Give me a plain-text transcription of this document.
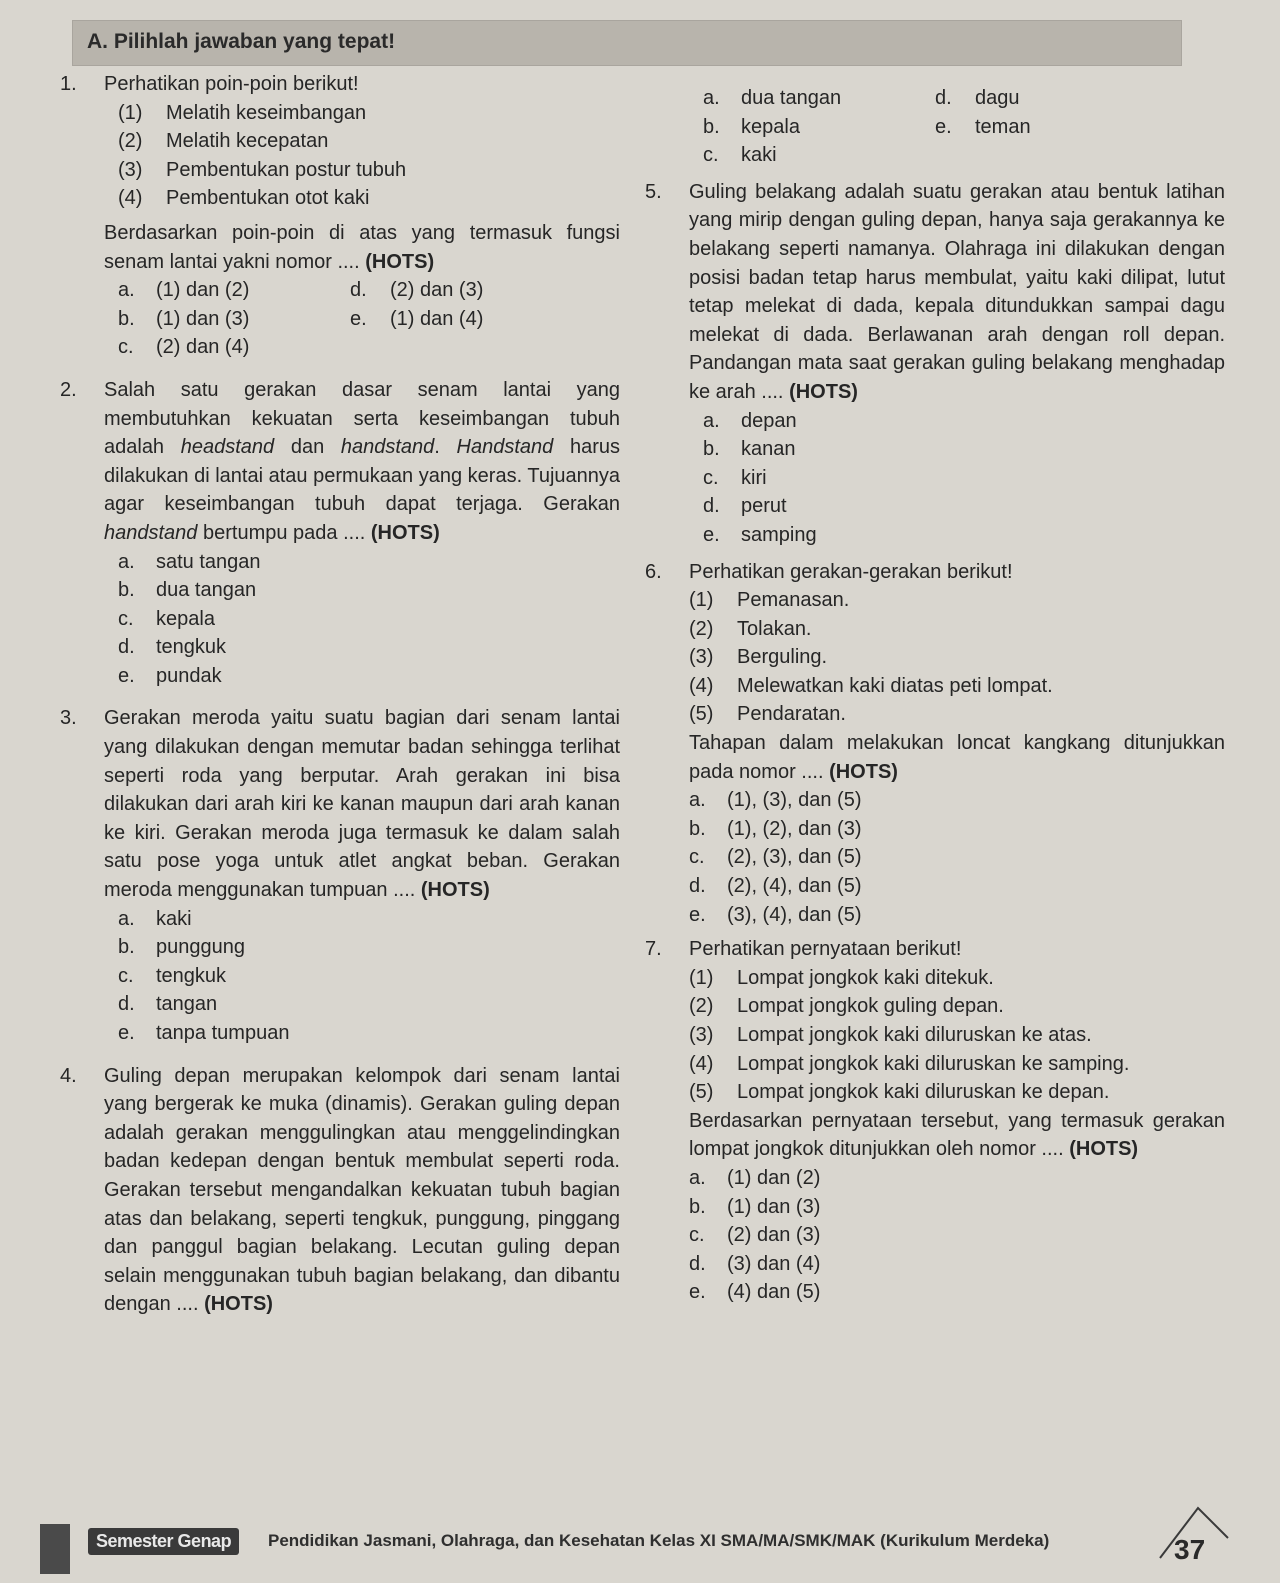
A. Pilihlah jawaban yang tepat!
1.	Perhatikan poin-poin berikut!
(1)	Melatih keseimbangan
(2)	Melatih kecepatan
(3)	Pembentukan postur tubuh
(4)	Pembentukan otot kaki
Berdasarkan poin-poin di atas yang termasuk fungsi senam lantai yakni nomor .... (HOTS)
a.	(1) dan (2)	d.	(2) dan (3)
b.	(1) dan (3)	e.	(1) dan (4)
c.	(2) dan (4)
2.	Salah satu gerakan dasar senam lantai yang membutuhkan kekuatan serta keseimbangan tubuh adalah headstand dan handstand. Handstand harus dilakukan di lantai atau permukaan yang keras. Tujuannya agar keseimbangan tubuh dapat terjaga. Gerakan handstand bertumpu pada .... (HOTS)
a.	satu tangan
b.	dua tangan
c.	kepala
d.	tengkuk
e.	pundak
3.	Gerakan meroda yaitu suatu bagian dari senam lantai yang dilakukan dengan memutar badan sehingga terlihat seperti roda yang berputar. Arah gerakan ini bisa dilakukan dari arah kiri ke kanan maupun dari arah kanan ke kiri. Gerakan meroda juga termasuk ke dalam salah satu pose yoga untuk atlet angkat beban. Gerakan meroda menggunakan tumpuan .... (HOTS)
a.	kaki
b.	punggung
c.	tengkuk
d.	tangan
e.	tanpa tumpuan
4.	Guling depan merupakan kelompok dari senam lantai yang bergerak ke muka (dinamis). Gerakan guling depan adalah gerakan menggulingkan atau menggelindingkan badan kedepan dengan bentuk membulat seperti roda. Gerakan tersebut mengandalkan kekuatan tubuh bagian atas dan belakang, seperti tengkuk, punggung, pinggang dan panggul bagian belakang. Lecutan guling depan selain menggunakan tubuh bagian belakang, dan dibantu dengan .... (HOTS)
a.	dua tangan	d.	dagu
b.	kepala	e.	teman
c.	kaki
5.	Guling belakang adalah suatu gerakan atau bentuk latihan yang mirip dengan guling depan, hanya saja gerakannya ke belakang seperti namanya. Olahraga ini dilakukan dengan posisi badan tetap harus membulat, yaitu kaki dilipat, lutut tetap melekat di dada, kepala ditundukkan sampai dagu melekat di dada. Berlawanan arah dengan roll depan. Pandangan mata saat gerakan guling belakang menghadap ke arah .... (HOTS)
a.	depan
b.	kanan
c.	kiri
d.	perut
e.	samping
6.	Perhatikan gerakan-gerakan berikut!
(1)	Pemanasan.
(2)	Tolakan.
(3)	Berguling.
(4)	Melewatkan kaki diatas peti lompat.
(5)	Pendaratan.
Tahapan dalam melakukan loncat kangkang ditunjukkan pada nomor .... (HOTS)
a.	(1), (3), dan (5)
b.	(1), (2), dan (3)
c.	(2), (3), dan (5)
d.	(2), (4), dan (5)
e.	(3), (4), dan (5)
7.	Perhatikan pernyataan berikut!
(1)	Lompat jongkok kaki ditekuk.
(2)	Lompat jongkok guling depan.
(3)	Lompat jongkok kaki diluruskan ke atas.
(4)	Lompat jongkok kaki diluruskan ke samping.
(5)	Lompat jongkok kaki diluruskan ke depan.
Berdasarkan pernyataan tersebut, yang termasuk gerakan lompat jongkok ditunjukkan oleh nomor .... (HOTS)
a.	(1) dan (2)
b.	(1) dan (3)
c.	(2) dan (3)
d.	(3) dan (4)
e.	(4) dan (5)
Semester Genap	Pendidikan Jasmani, Olahraga, dan Kesehatan Kelas XI SMA/MA/SMK/MAK (Kurikulum Merdeka)	37
